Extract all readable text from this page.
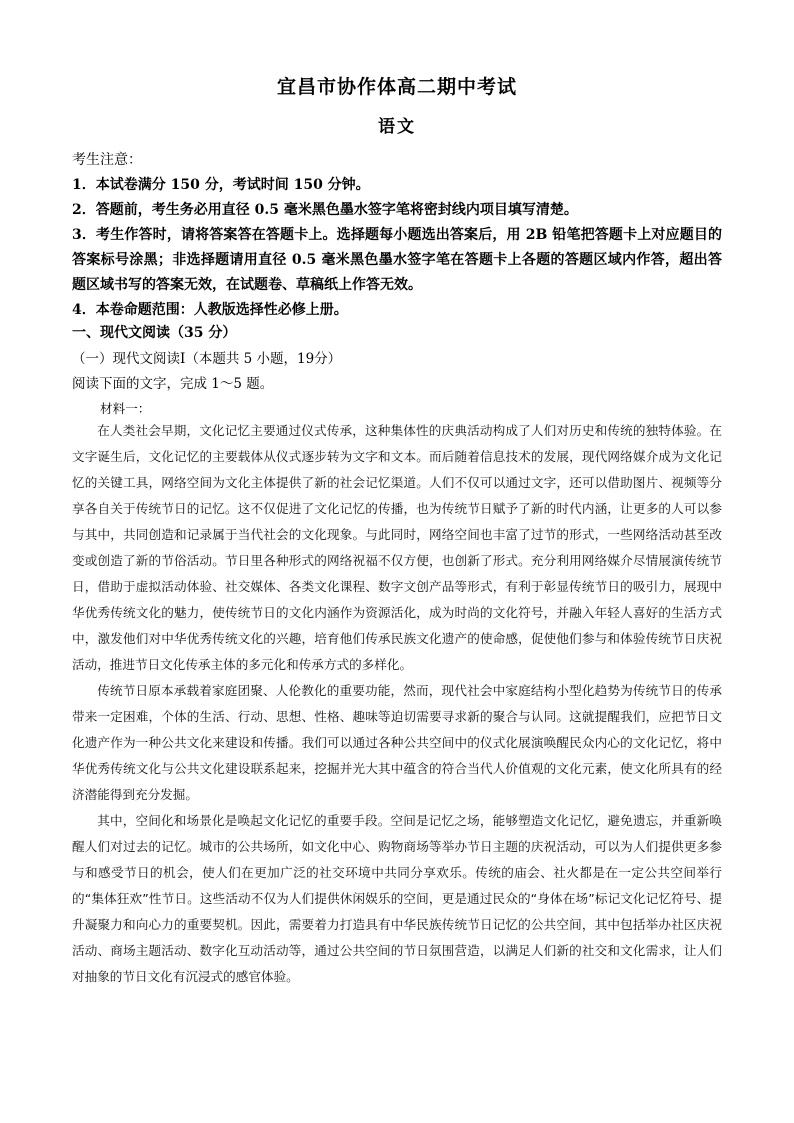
宜昌市协作体高二期中考试
语文

考生注意：

1．本试卷满分 150 分，考试时间 150 分钟。

2．答题前，考生务必用直径 0.5 毫米黑色墨水签字笔将密封线内项目填写清楚。

3．考生作答时，请将答案答在答题卡上。选择题每小题选出答案后，用 2B 铅笔把答题卡上对应题目的答案标号涂黑；非选择题请用直径 0.5 毫米黑色墨水签字笔在答题卡上各题的答题区域内作答，超出答题区域书写的答案无效，在试题卷、草稿纸上作答无效。

4．本卷命题范围：人教版选择性必修上册。

一、现代文阅读（35 分）
（一）现代文阅读Ⅰ（本题共 5 小题，19分）
阅读下面的文字，完成 1～5 题。
材料一：

在人类社会早期，文化记忆主要通过仪式传承，这种集体性的庆典活动构成了人们对历史和传统的独特体验。在文字诞生后，文化记忆的主要载体从仪式逐步转为文字和文本。而后随着信息技术的发展，现代网络媒介成为文化记忆的关键工具，网络空间为文化主体提供了新的社会记忆渠道。人们不仅可以通过文字，还可以借助图片、视频等分享各自关于传统节日的记忆。这不仅促进了文化记忆的传播，也为传统节日赋予了新的时代内涵，让更多的人可以参与其中，共同创造和记录属于当代社会的文化现象。与此同时，网络空间也丰富了过节的形式，一些网络活动甚至改变或创造了新的节俗活动。节日里各种形式的网络祝福不仅方便，也创新了形式。充分利用网络媒介尽情展演传统节日，借助于虚拟活动体验、社交媒体、各类文化课程、数字文创产品等形式，有利于彰显传统节日的吸引力，展现中华优秀传统文化的魅力，使传统节日的文化内涵作为资源活化，成为时尚的文化符号，并融入年轻人喜好的生活方式中，激发他们对中华优秀传统文化的兴趣，培育他们传承民族文化遗产的使命感，促使他们参与和体验传统节日庆祝活动，推进节日文化传承主体的多元化和传承方式的多样化。

传统节日原本承载着家庭团聚、人伦教化的重要功能，然而，现代社会中家庭结构小型化趋势为传统节日的传承带来一定困难，个体的生活、行动、思想、性格、趣味等迫切需要寻求新的聚合与认同。这就提醒我们，应把节日文化遗产作为一种公共文化来建设和传播。我们可以通过各种公共空间中的仪式化展演唤醒民众内心的文化记忆，将中华优秀传统文化与公共文化建设联系起来，挖掘并光大其中蕴含的符合当代人价值观的文化元素，使文化所具有的经济潜能得到充分发掘。

其中，空间化和场景化是唤起文化记忆的重要手段。空间是记忆之场，能够塑造文化记忆，避免遗忘，并重新唤醒人们对过去的记忆。城市的公共场所，如文化中心、购物商场等举办节日主题的庆祝活动，可以为人们提供更多参与和感受节日的机会，使人们在更加广泛的社交环境中共同分享欢乐。传统的庙会、社火都是在一定公共空间举行的“集体狂欢”性节日。这些活动不仅为人们提供休闲娱乐的空间，更是通过民众的“身体在场”标记文化记忆符号、提升凝聚力和向心力的重要契机。因此，需要着力打造具有中华民族传统节日记忆的公共空间，其中包括举办社区庆祝活动、商场主题活动、数字化互动活动等，通过公共空间的节日氛围营造，以满足人们新的社交和文化需求，让人们对抽象的节日文化有沉浸式的感官体验。
